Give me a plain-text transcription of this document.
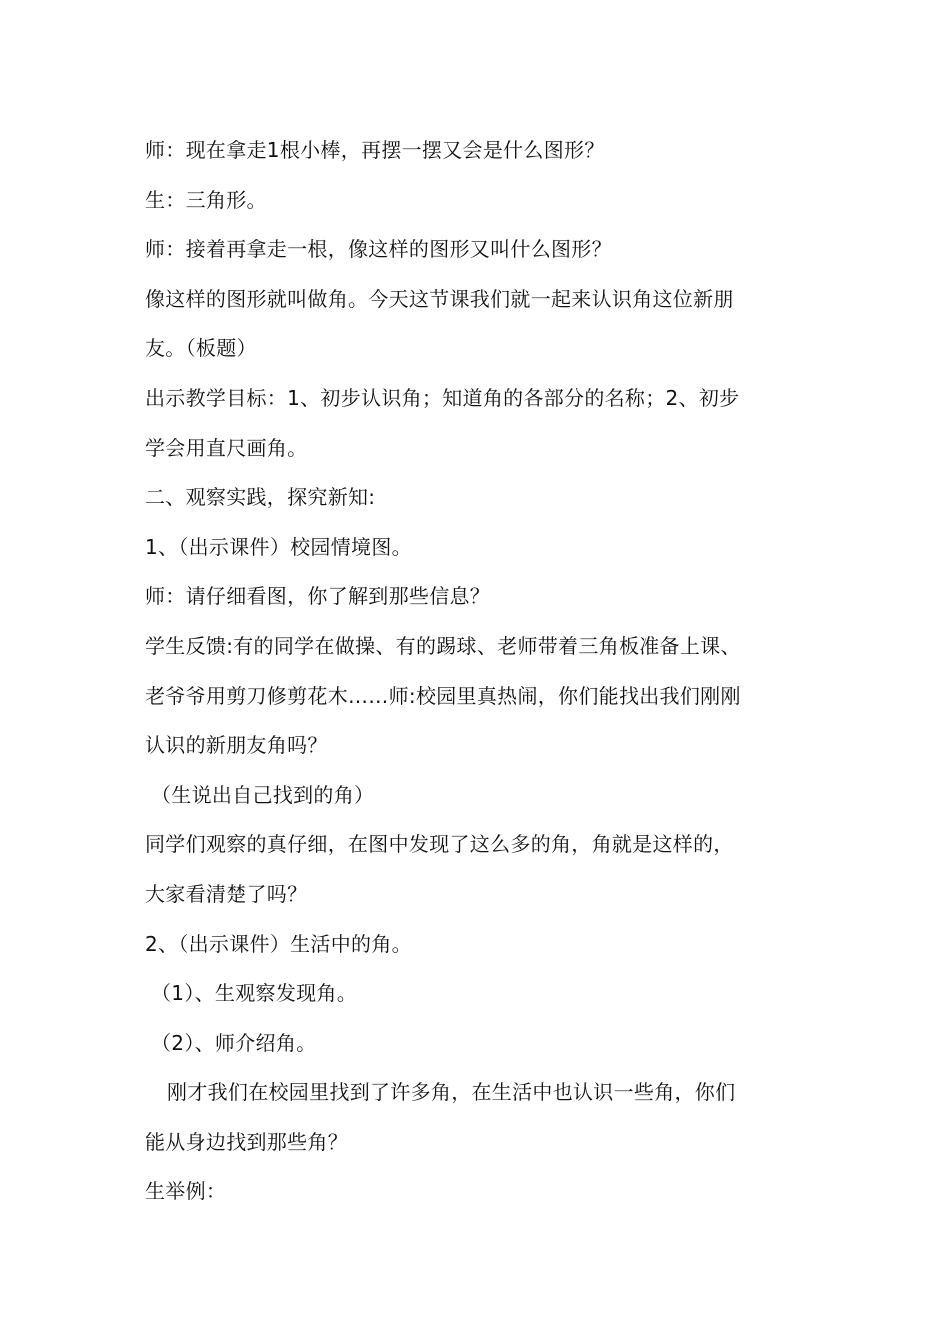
师：现在拿走1根小棒，再摆一摆又会是什么图形？
生：三角形。
师：接着再拿走一根，像这样的图形又叫什么图形？
像这样的图形就叫做角。今天这节课我们就一起来认识角这位新朋
友。（板题）
出示教学目标：1、初步认识角；知道角的各部分的名称；2、初步
学会用直尺画角。
二、观察实践，探究新知:
1、（出示课件）校园情境图。
师：请仔细看图，你了解到那些信息？
学生反馈:有的同学在做操、有的踢球、老师带着三角板准备上课、
老爷爷用剪刀修剪花木……师:校园里真热闹，你们能找出我们刚刚
认识的新朋友角吗？
（生说出自己找到的角）
同学们观察的真仔细，在图中发现了这么多的角，角就是这样的，
大家看清楚了吗？
2、（出示课件）生活中的角。
（1）、生观察发现角。
（2）、师介绍角。
刚才我们在校园里找到了许多角，在生活中也认识一些角，你们
能从身边找到那些角？
生举例：
